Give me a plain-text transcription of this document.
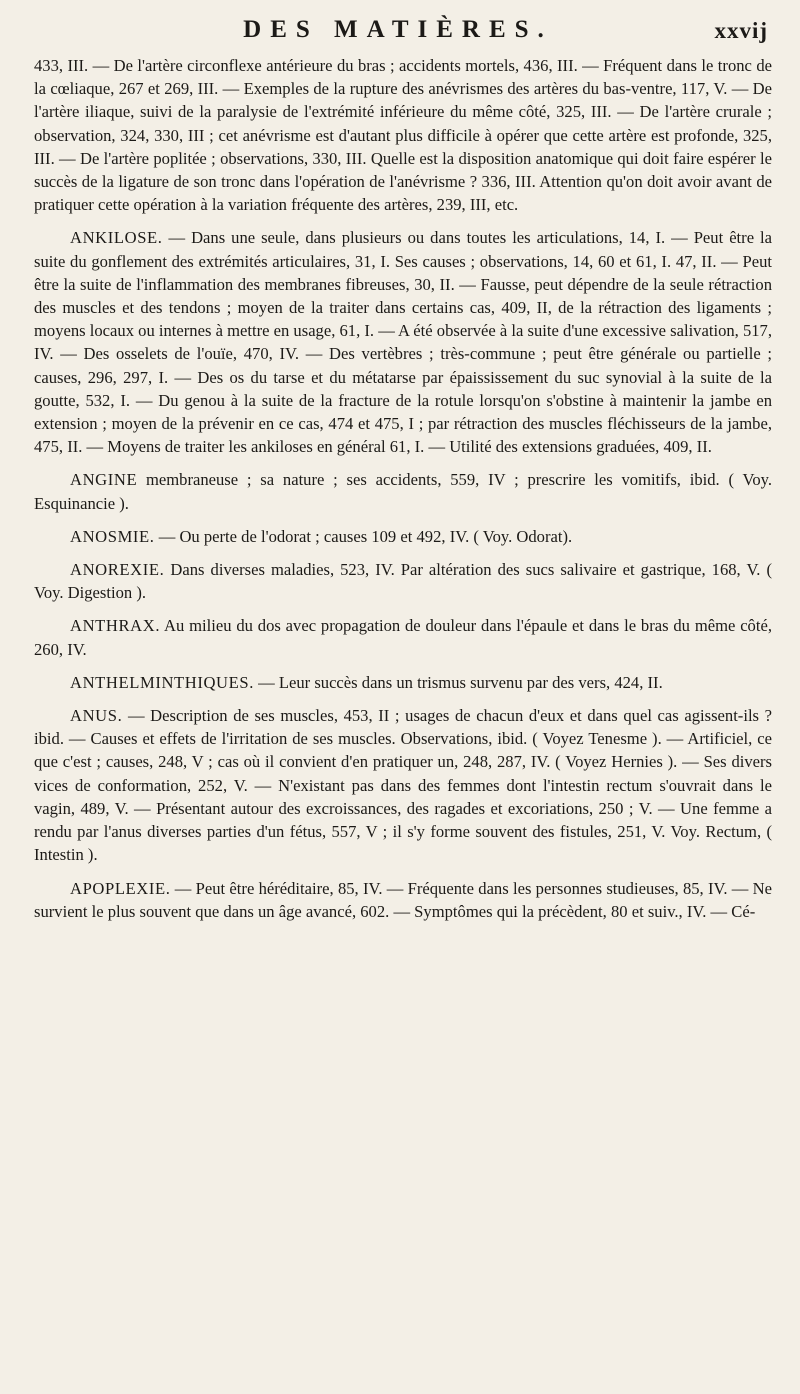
DES MATIÈRES.	xxvij

433, III. — De l'artère circonflexe antérieure du bras ; accidents mortels, 436, III. — Fréquent dans le tronc de la cœliaque, 267 et 269, III. — Exemples de la rupture des anévrismes des artères du bas-ventre, 117, V. — De l'artère iliaque, suivi de la paralysie de l'extrémité inférieure du même côté, 325, III. — De l'artère crurale ; observation, 324, 330, III ; cet anévrisme est d'autant plus difficile à opérer que cette artère est profonde, 325, III. — De l'artère poplitée ; observations, 330, III. Quelle est la disposition anatomique qui doit faire espérer le succès de la ligature de son tronc dans l'opération de l'anévrisme ? 336, III. Attention qu'on doit avoir avant de pratiquer cette opération à la variation fréquente des artères, 239, III, etc.

ANKILOSE. — Dans une seule, dans plusieurs ou dans toutes les articulations, 14, I. — Peut être la suite du gonflement des extrémités articulaires, 31, I. Ses causes ; observations, 14, 60 et 61, I. 47, II. — Peut être la suite de l'inflammation des membranes fibreuses, 30, II. — Fausse, peut dépendre de la seule rétraction des muscles et des tendons ; moyen de la traiter dans certains cas, 409, II, de la rétraction des ligaments ; moyens locaux ou internes à mettre en usage, 61, I. — A été observée à la suite d'une excessive salivation, 517, IV. — Des osselets de l'ouïe, 470, IV. — Des vertèbres ; très-commune ; peut être générale ou partielle ; causes, 296, 297, I. — Des os du tarse et du métatarse par épaississement du suc synovial à la suite de la goutte, 532, I. — Du genou à la suite de la fracture de la rotule lorsqu'on s'obstine à maintenir la jambe en extension ; moyen de la prévenir en ce cas, 474 et 475, I ; par rétraction des muscles fléchisseurs de la jambe, 475, II. — Moyens de traiter les ankiloses en général 61, I. — Utilité des extensions graduées, 409, II.

ANGINE membraneuse ; sa nature ; ses accidents, 559, IV ; prescrire les vomitifs, ibid. ( Voy. Esquinancie ).

ANOSMIE. — Ou perte de l'odorat ; causes 109 et 492, IV. ( Voy. Odorat).

ANOREXIE. Dans diverses maladies, 523, IV. Par altération des sucs salivaire et gastrique, 168, V. ( Voy. Digestion ).

ANTHRAX. Au milieu du dos avec propagation de douleur dans l'épaule et dans le bras du même côté, 260, IV.

ANTHELMINTHIQUES. — Leur succès dans un trismus survenu par des vers, 424, II.

ANUS. — Description de ses muscles, 453, II ; usages de chacun d'eux et dans quel cas agissent-ils ? ibid. — Causes et effets de l'irritation de ses muscles. Observations, ibid. ( Voyez Tenesme ). — Artificiel, ce que c'est ; causes, 248, V ; cas où il convient d'en pratiquer un, 248, 287, IV. ( Voyez Hernies ). — Ses divers vices de conformation, 252, V. — N'existant pas dans des femmes dont l'intestin rectum s'ouvrait dans le vagin, 489, V. — Présentant autour des excroissances, des ragades et excoriations, 250 ; V. — Une femme a rendu par l'anus diverses parties d'un fétus, 557, V ; il s'y forme souvent des fistules, 251, V. Voy. Rectum, ( Intestin ).

APOPLEXIE. — Peut être héréditaire, 85, IV. — Fréquente dans les personnes studieuses, 85, IV. — Ne survient le plus souvent que dans un âge avancé, 602. — Symptômes qui la précèdent, 80 et suiv., IV. — Cé-
